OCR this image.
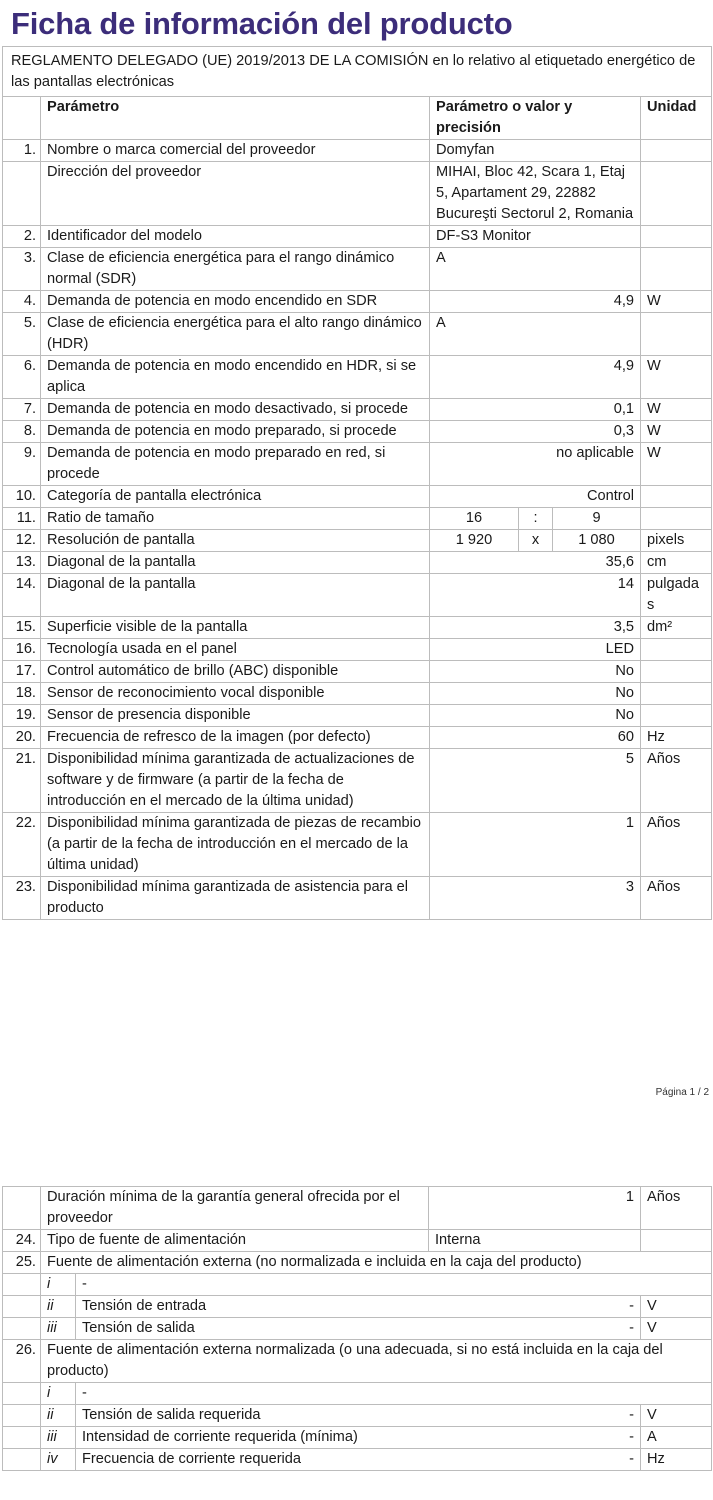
Ficha de información del producto
REGLAMENTO DELEGADO (UE) 2019/2013 DE LA COMISIÓN en lo relativo al etiquetado energético de las pantallas electrónicas					
	Parámetro	Parámetro o valor y precisión			Unidad
1.	Nombre o marca comercial del proveedor	Domyfan			
	Dirección del proveedor	MIHAI, Bloc 42, Scara 1, Etaj 5, Apartament 29, 22882 Bucureşti Sectorul 2, Romania			
2.	Identificador del modelo	DF-S3 Monitor			
3.	Clase de eficiencia energética para el rango dinámico normal (SDR)	A			
4.	Demanda de potencia en modo encendido en SDR	4,9			W
5.	Clase de eficiencia energética para el alto rango dinámico (HDR)	A			
6.	Demanda de potencia en modo encendido en HDR, si se aplica	4,9			W
7.	Demanda de potencia en modo desactivado, si procede	0,1			W
8.	Demanda de potencia en modo preparado, si procede	0,3			W
9.	Demanda de potencia en modo preparado en red, si procede	no aplicable			W
10.	Categoría de pantalla electrónica	Control			
11.	Ratio de tamaño	16	:	9	
12.	Resolución de pantalla	1 920	x	1 080	pixels
13.	Diagonal de la pantalla	35,6			cm
14.	Diagonal de la pantalla	14			pulgadas
15.	Superficie visible de la pantalla	3,5			dm²
16.	Tecnología usada en el panel	LED			
17.	Control automático de brillo (ABC) disponible	No			
18.	Sensor de reconocimiento vocal disponible	No			
19.	Sensor de presencia disponible	No			
20.	Frecuencia de refresco de la imagen (por defecto)	60			Hz
21.	Disponibilidad mínima garantizada de actualizaciones de software y de firmware (a partir de la fecha de introducción en el mercado de la última unidad)	5			Años
22.	Disponibilidad mínima garantizada de piezas de recambio (a partir de la fecha de introducción en el mercado de la última unidad)	1			Años
23.	Disponibilidad mínima garantizada de asistencia para el producto	3			Años
Página 1 / 2
	Duración mínima de la garantía general ofrecida por el proveedor		1	Años
24.	Tipo de fuente de alimentación		Interna	
25.	Fuente de alimentación externa (no normalizada e incluida en la caja del producto)			
	i	-		
	ii	Tensión de entrada	-	V
	iii	Tensión de salida	-	V
26.	Fuente de alimentación externa normalizada (o una adecuada, si no está incluida en la caja del producto)			
	i	-		
	ii	Tensión de salida requerida	-	V
	iii	Intensidad de corriente requerida (mínima)	-	A
	iv	Frecuencia de corriente requerida	-	Hz
